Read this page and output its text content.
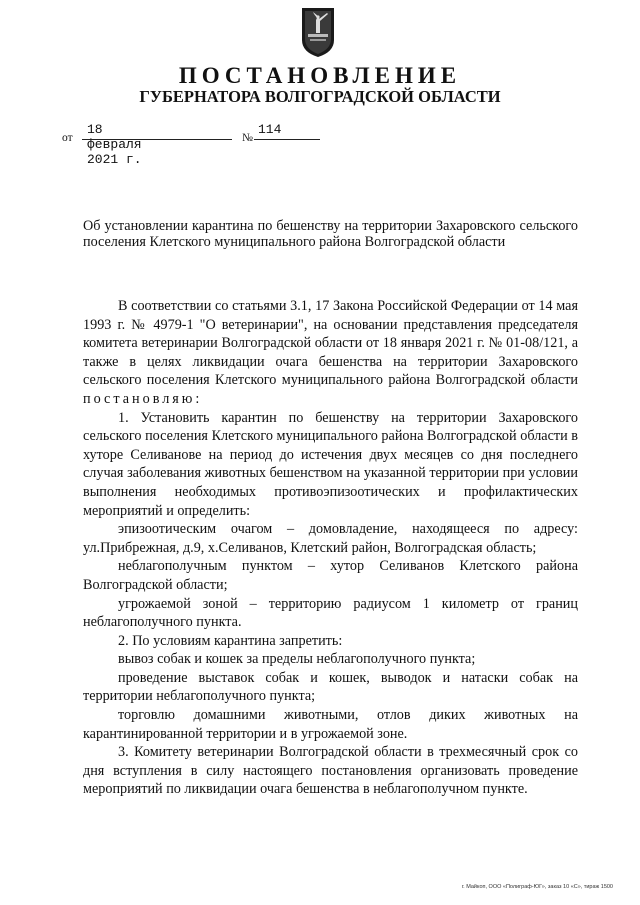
ПОСТАНОВЛЕНИЕ
ГУБЕРНАТОРА ВОЛГОГРАДСКОЙ ОБЛАСТИ
от
18 февраля 2021 г.
№
114
Об установлении карантина по бешенству на территории Захаровского сельского поселения Клетского муниципального района Волгоградской области

В соответствии со статьями 3.1, 17 Закона Российской Федерации от 14 мая 1993 г. № 4979-1 "О ветеринарии", на основании представления председателя комитета ветеринарии Волгоградской области от 18 января 2021 г. № 01-08/121, а также в целях ликвидации очага бешенства на территории Захаровского сельского поселения Клетского муниципального района Волгоградской области постановляю:

1. Установить карантин по бешенству на территории Захаровского сельского поселения Клетского муниципального района Волгоградской области в хуторе Селиванове на период до истечения двух месяцев со дня последнего случая заболевания животных бешенством на указанной территории при условии выполнения необходимых противоэпизоотических и профилактических мероприятий и определить:

эпизоотическим очагом – домовладение, находящееся по адресу: ул.Прибрежная, д.9, х.Селиванов, Клетский район, Волгоградская область;

неблагополучным пунктом – хутор Селиванов Клетского района Волгоградской области;

угрожаемой зоной – территорию радиусом 1 километр от границ неблагополучного пункта.

2. По условиям карантина запретить:

вывоз собак и кошек за пределы неблагополучного пункта;

проведение выставок собак и кошек, выводок и натаски собак на территории неблагополучного пункта;

торговлю домашними животными, отлов диких животных на карантинированной территории и в угрожаемой зоне.

3. Комитету ветеринарии Волгоградской области в трехмесячный срок со дня вступления в силу настоящего постановления организовать проведение мероприятий по ликвидации очага бешенства в неблагополучном пункте.

г. Майкоп, ООО «Полиграф-ЮГ», заказ 10 «С», тираж 1500
